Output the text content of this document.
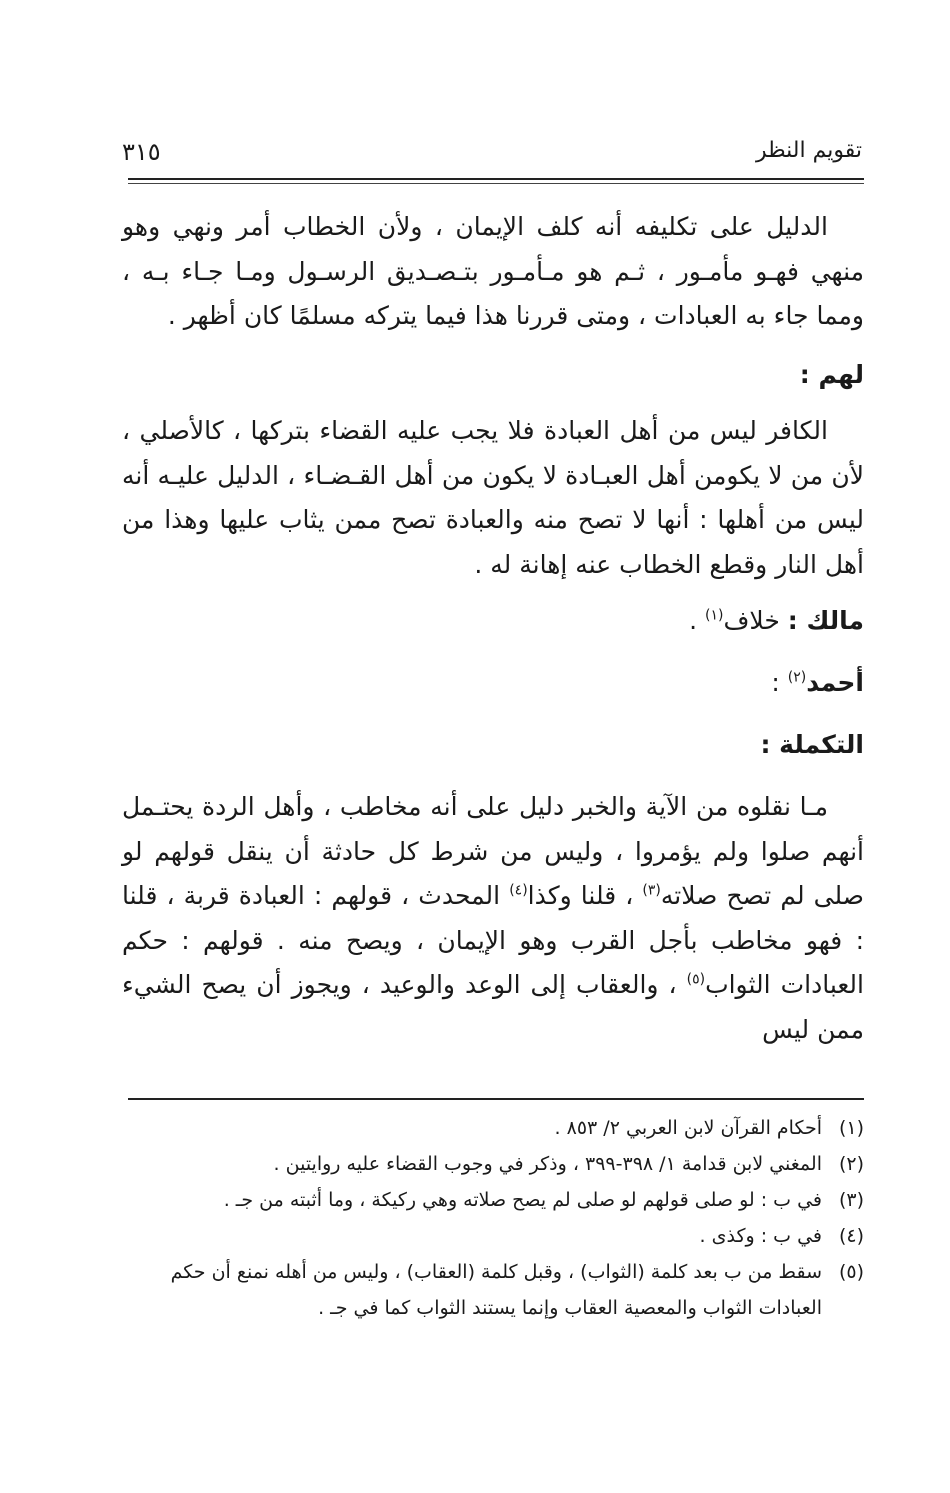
تقويم النظر
٣١٥

الدليل على تكليفه أنه كلف الإيمان ، ولأن الخطاب أمر ونهي وهو منهي فهـو مأمـور ، ثـم هو مـأمـور بتـصـديق الرسـول ومـا جـاء بـه ، ومما جاء به العبادات ، ومتى قررنا هذا فيما يتركه مسلمًا كان أظهر .

لهم :

الكافر ليس من أهل العبادة فلا يجب عليه القضاء بتركها ، كالأصلي ، لأن من لا يكومن أهل العبـادة لا يكون من أهل القـضـاء ، الدليل عليـه أنه ليس من أهلها : أنها لا تصح منه والعبادة تصح ممن يثاب عليها وهذا من أهل النار وقطع الخطاب عنه إهانة له .

مالك : خلاف$^{(١)}$ .

أحمد$^{(٢)}$ :

التكملة :

مـا نقلوه من الآية والخبر دليل على أنه مخاطب ، وأهل الردة يحتـمل أنهم صلوا ولم يؤمروا ، وليس من شرط كل حادثة أن ينقل قولهم لو صلى لم تصح صلاته$^{(٣)}$ ، قلنا وكذا$^{(٤)}$ المحدث ، قولهم : العبادة قربة ، قلنا : فهو مخاطب بأجل القرب وهو الإيمان ، ويصح منه . قولهم : حكم العبادات الثواب$^{(٥)}$ ، والعقاب إلى الوعد والوعيد ، ويجوز أن يصح الشيء ممن ليس

(١)
أحكام القرآن لابن العربي ٢/ ٨٥٣ .
(٢)
المغني لابن قدامة ١/ ٣٩٨-٣٩٩ ، وذكر في وجوب القضاء عليه روايتين .
(٣)
في ب : لو صلى قولهم لو صلى لم يصح صلاته وهي ركيكة ، وما أثبته من جـ .
(٤)
في ب : وكذى .
(٥)
سقط من ب بعد كلمة (الثواب) ، وقبل كلمة (العقاب) ، وليس من أهله نمنع أن حكم العبادات الثواب والمعصية العقاب وإنما يستند الثواب كما في جـ .
